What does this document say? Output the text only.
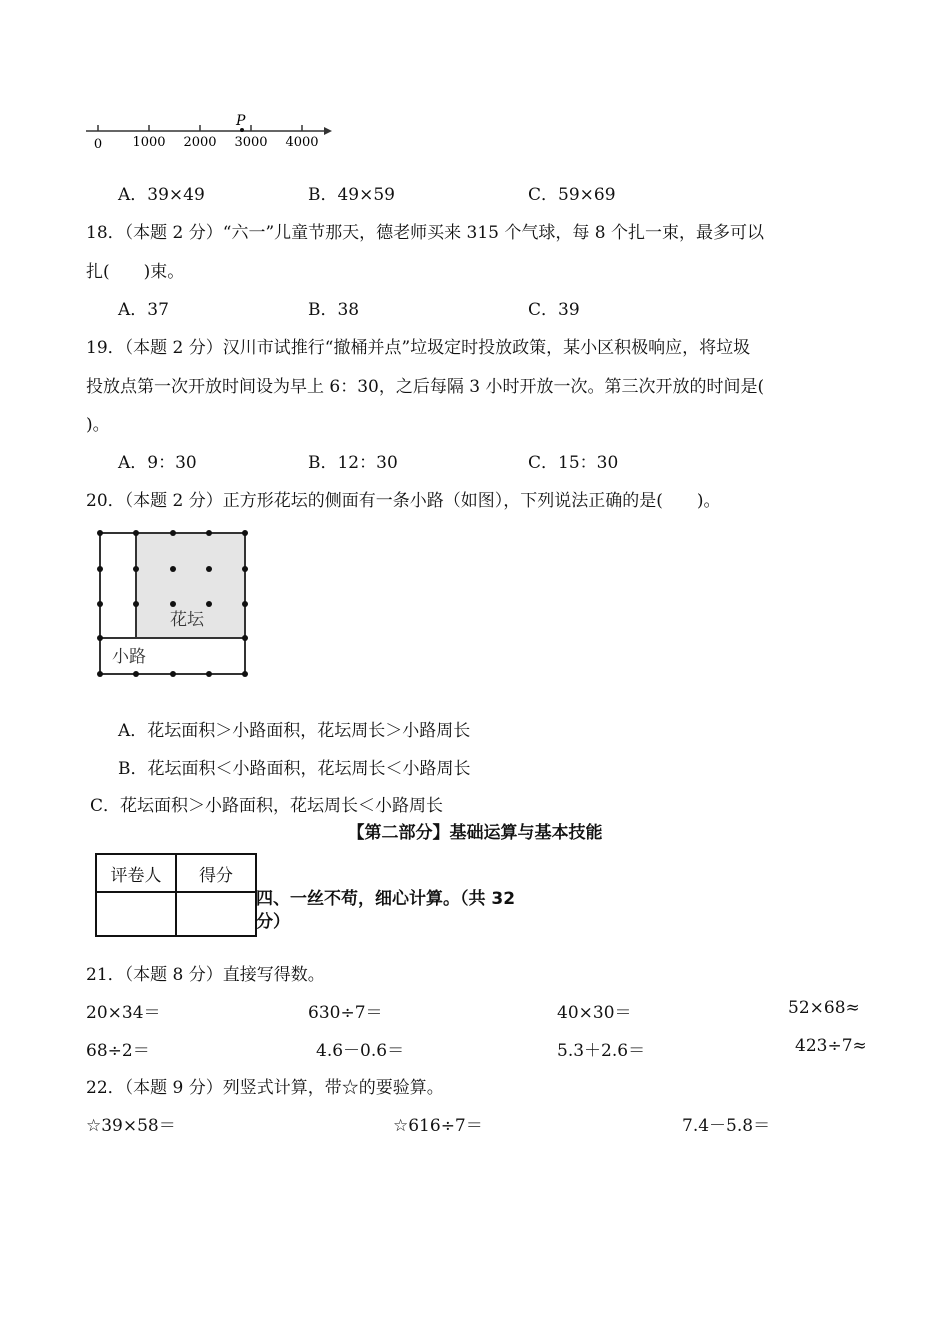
P
0 1000 2000 3000 4000
A．39×49	B．49×59	C．59×69
18．（本题 2 分）“六一”儿童节那天，德老师买来 315 个气球，每 8 个扎一束，最多可以
扎(　　)束。
A．37	B．38	C．39
19．（本题 2 分）汉川市试推行“撤桶并点”垃圾定时投放政策，某小区积极响应，将垃圾
投放点第一次开放时间设为早上 6：30，之后每隔 3 小时开放一次。第三次开放的时间是(
)。
A．9：30	B．12：30	C．15：30
20．（本题 2 分）正方形花坛的侧面有一条小路（如图），下列说法正确的是(　　)。
花坛
小路
A．花坛面积＞小路面积，花坛周长＞小路周长
B．花坛面积＜小路面积，花坛周长＜小路周长
C．花坛面积＞小路面积，花坛周长＜小路周长
【第二部分】基础运算与基本技能
评卷人	得分

四、一丝不苟，细心计算。（共 32
分）
21．（本题 8 分）直接写得数。
20×34＝	630÷7＝	40×30＝	52×68≈
68÷2＝	4.6－0.6＝	5.3＋2.6＝	423÷7≈
22．（本题 9 分）列竖式计算，带☆的要验算。
☆39×58＝	☆616÷7＝	7.4－5.8＝
